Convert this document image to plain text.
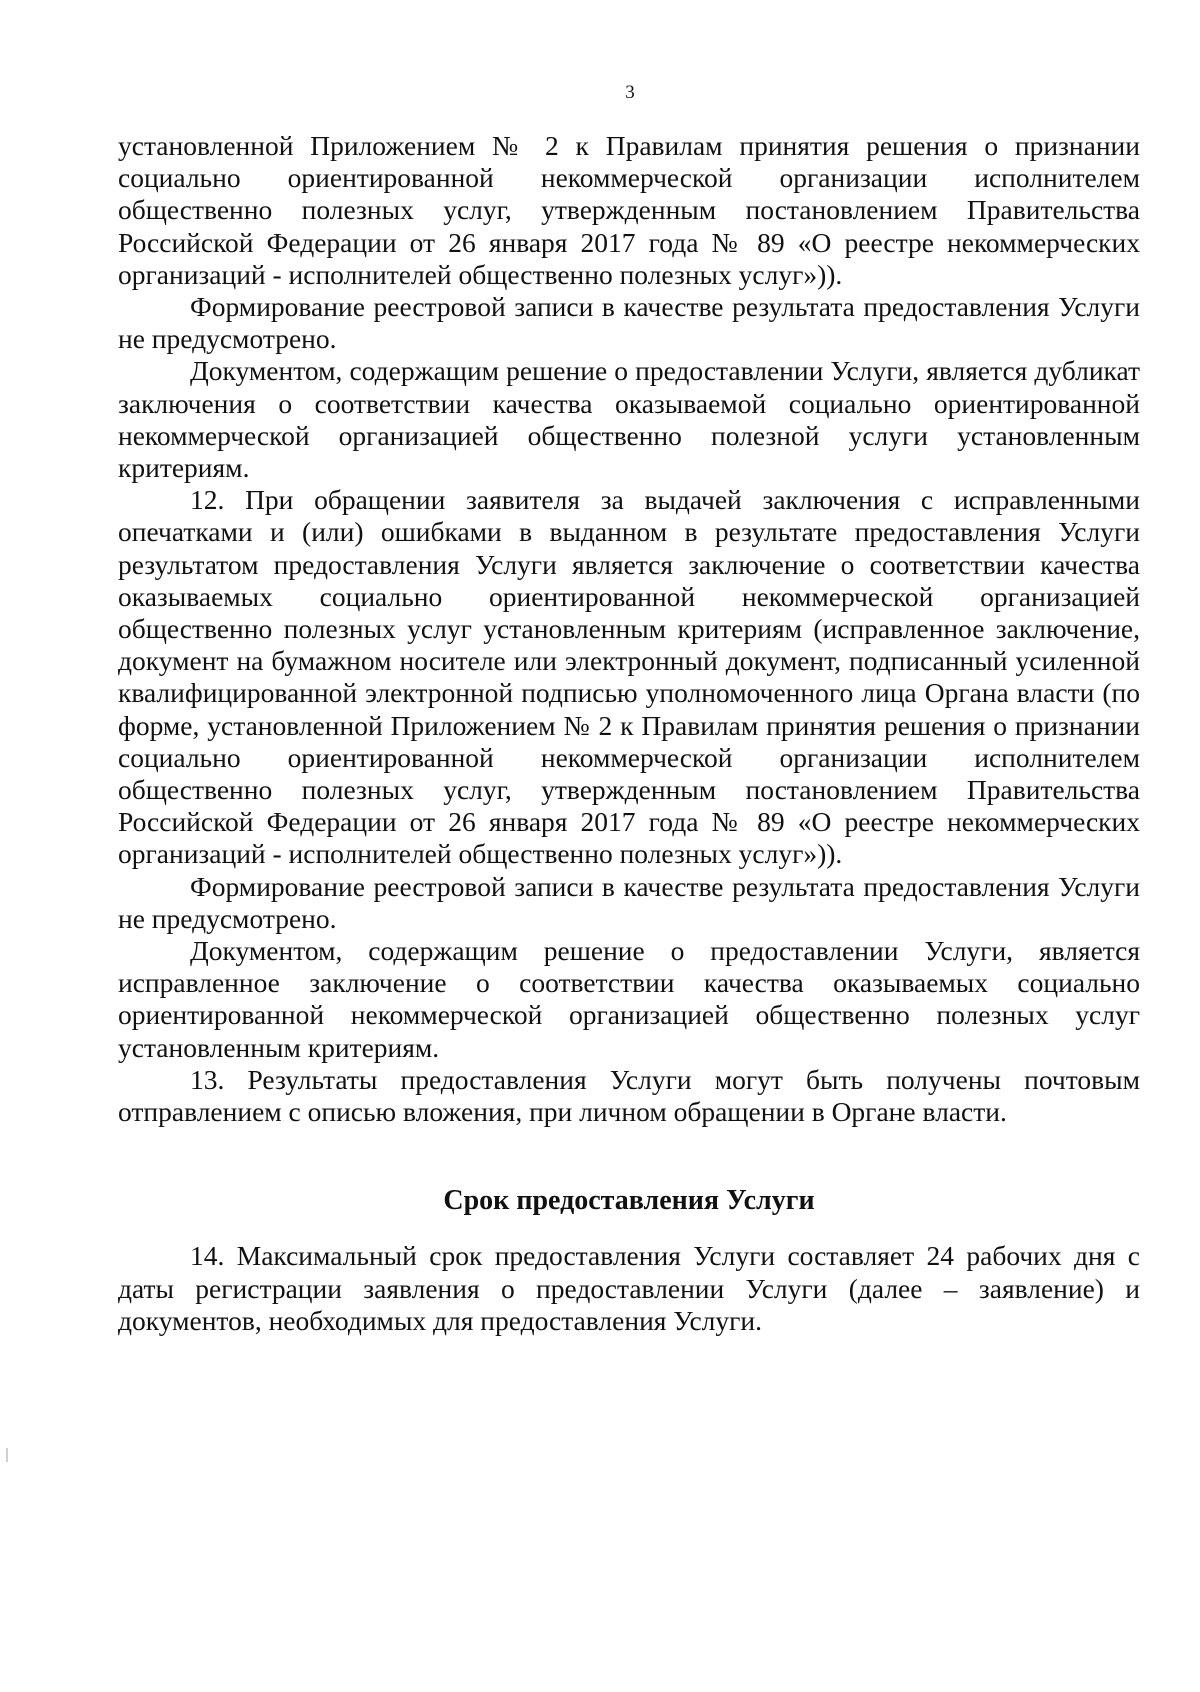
3

установленной Приложением № 2 к Правилам принятия решения о признании социально ориентированной некоммерческой организации исполнителем общественно полезных услуг, утвержденным постановлением Правительства Российской Федерации от 26 января 2017 года № 89 «О реестре некоммерческих организаций - исполнителей общественно полезных услуг»)).

Формирование реестровой записи в качестве результата предоставления Услуги не предусмотрено.

Документом, содержащим решение о предоставлении Услуги, является дубликат заключения о соответствии качества оказываемой социально ориентированной некоммерческой организацией общественно полезной услуги установленным критериям.

12. При обращении заявителя за выдачей заключения с исправленными опечатками и (или) ошибками в выданном в результате предоставления Услуги результатом предоставления Услуги является заключение о соответствии качества оказываемых социально ориентированной некоммерческой организацией общественно полезных услуг установленным критериям (исправленное заключение, документ на бумажном носителе или электронный документ, подписанный усиленной квалифицированной электронной подписью уполномоченного лица Органа власти (по форме, установленной Приложением № 2 к Правилам принятия решения о признании социально ориентированной некоммерческой организации исполнителем общественно полезных услуг, утвержденным постановлением Правительства Российской Федерации от 26 января 2017 года № 89 «О реестре некоммерческих организаций - исполнителей общественно полезных услуг»)).

Формирование реестровой записи в качестве результата предоставления Услуги не предусмотрено.

Документом, содержащим решение о предоставлении Услуги, является исправленное заключение о соответствии качества оказываемых социально ориентированной некоммерческой организацией общественно полезных услуг установленным критериям.

13. Результаты предоставления Услуги могут быть получены почтовым отправлением с описью вложения, при личном обращении в Органе власти.

Срок предоставления Услуги

14. Максимальный срок предоставления Услуги составляет 24 рабочих дня с даты регистрации заявления о предоставлении Услуги (далее – заявление) и документов, необходимых для предоставления Услуги.
